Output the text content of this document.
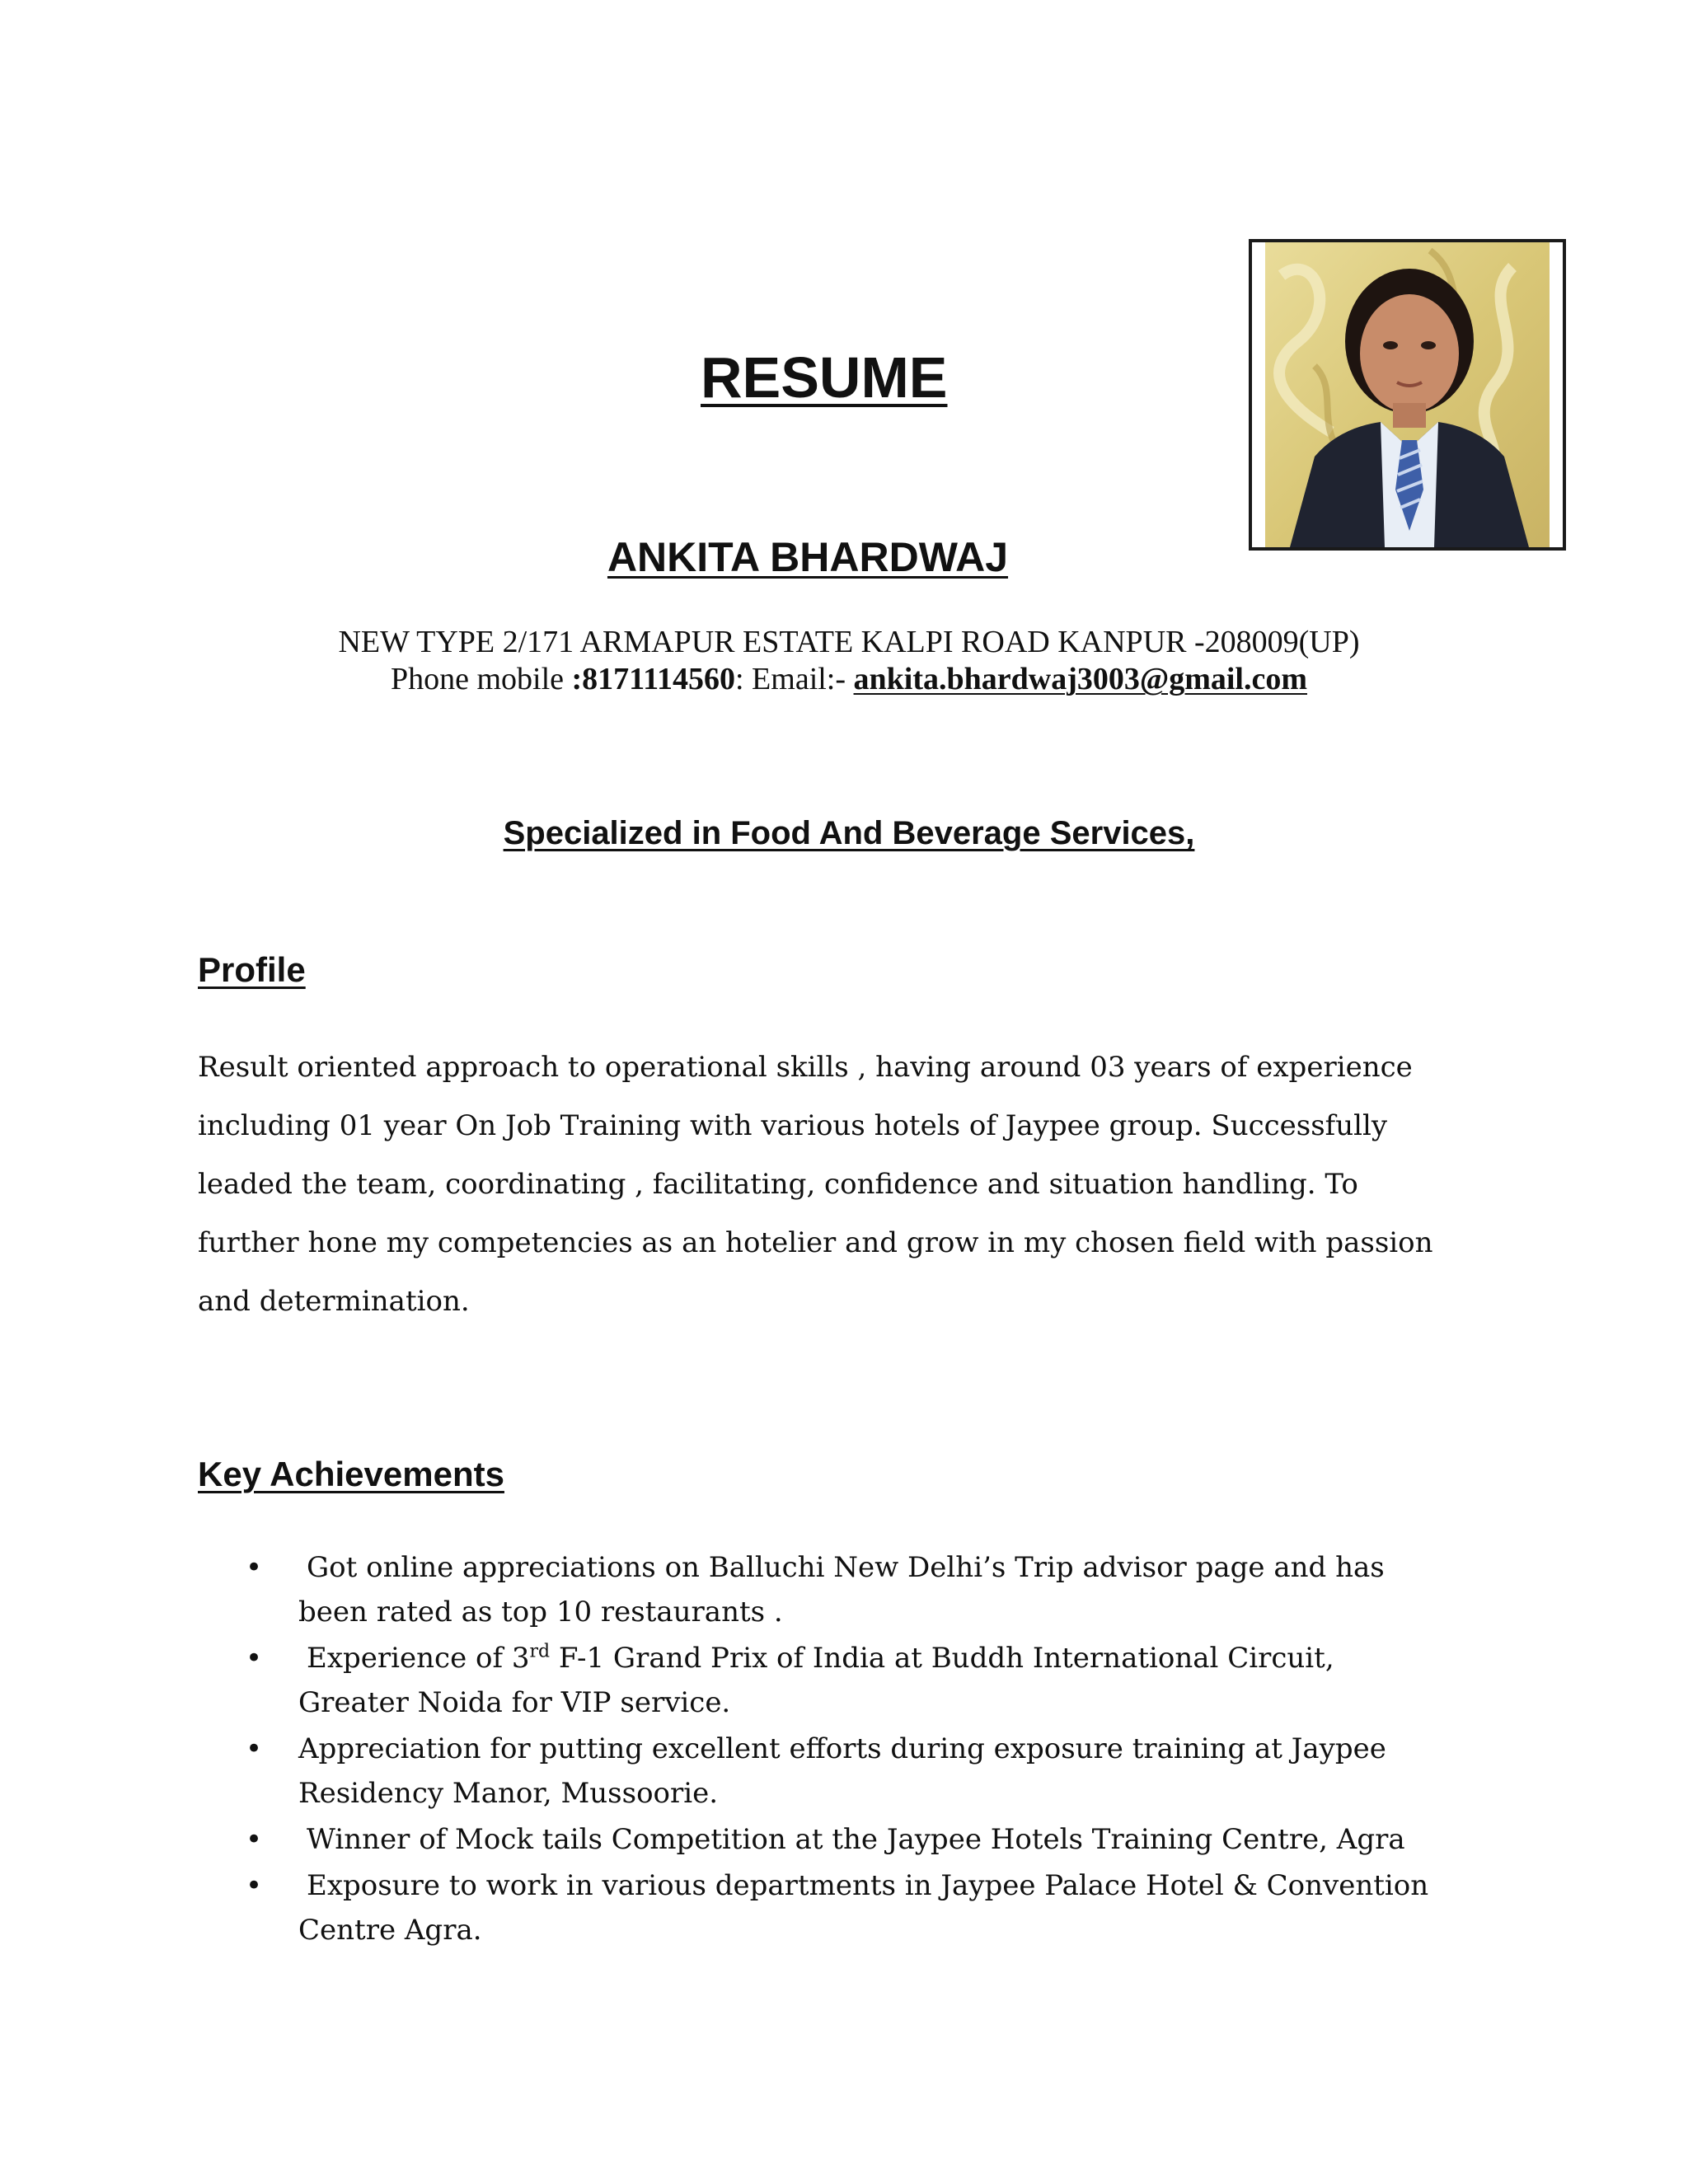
RESUME
ANKITA BHARDWAJ
NEW TYPE 2/171 ARMAPUR ESTATE KALPI ROAD KANPUR -208009(UP)
Phone mobile :8171114560: Email:- ankita.bhardwaj3003@gmail.com
Specialized in Food And Beverage Services,
Profile
Result oriented approach to operational skills , having around 03 years of experience
including 01 year On Job Training with various hotels of Jaypee group. Successfully
leaded the team, coordinating , facilitating, confidence and situation handling. To
further hone my competencies as an hotelier and grow in my chosen field with passion
and determination.
Key Achievements
• Got online appreciations on Balluchi New Delhi’s Trip advisor page and has
been rated as top 10 restaurants .
• Experience of 3rd F-1 Grand Prix of India at Buddh International Circuit,
Greater Noida for VIP service.
• Appreciation for putting excellent efforts during exposure training at Jaypee
Residency Manor, Mussoorie.
• Winner of Mock tails Competition at the Jaypee Hotels Training Centre, Agra
• Exposure to work in various departments in Jaypee Palace Hotel & Convention
Centre Agra.
